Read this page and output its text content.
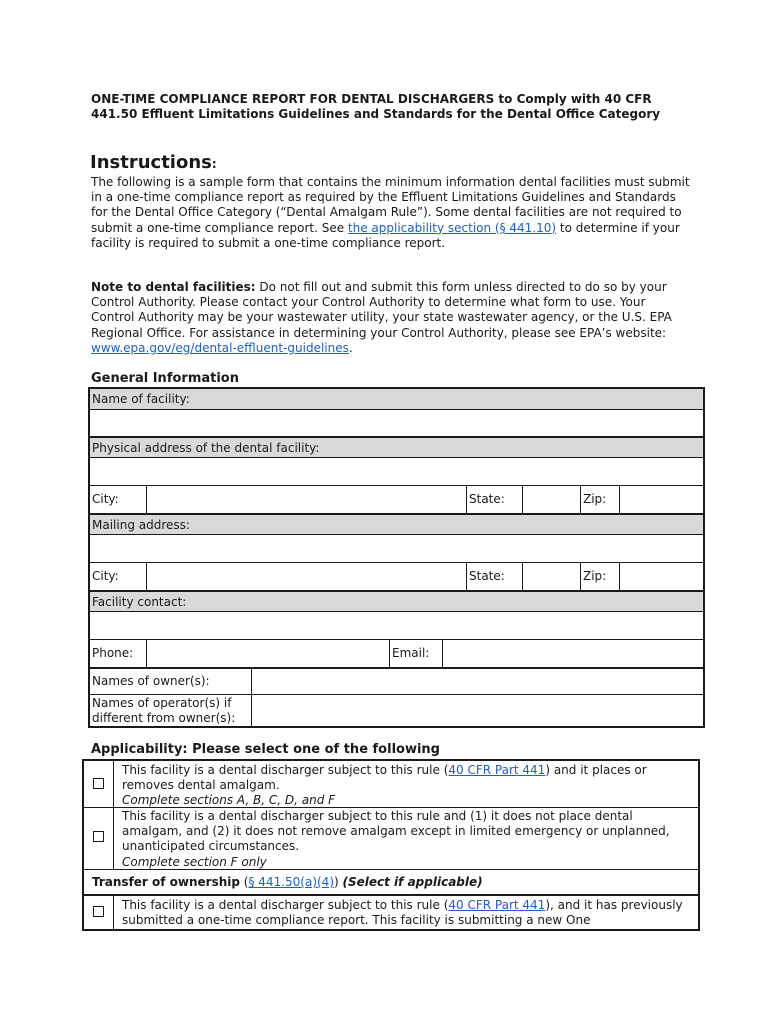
ONE-TIME COMPLIANCE REPORT FOR DENTAL DISCHARGERS to Comply with 40 CFR 441.50 Effluent Limitations Guidelines and Standards for the Dental Office Category
Instructions:
The following is a sample form that contains the minimum information dental facilities must submit in a one-time compliance report as required by the Effluent Limitations Guidelines and Standards for the Dental Office Category (“Dental Amalgam Rule”). Some dental facilities are not required to submit a one-time compliance report. See the applicability section (§ 441.10) to determine if your facility is required to submit a one-time compliance report.
Note to dental facilities: Do not fill out and submit this form unless directed to do so by your Control Authority. Please contact your Control Authority to determine what form to use. Your Control Authority may be your wastewater utility, your state wastewater agency, or the U.S. EPA Regional Office. For assistance in determining your Control Authority, please see EPA’s website: www.epa.gov/eg/dental-effluent-guidelines.
General Information
Name of facility:
Physical address of the dental facility:
City:	State:	Zip:
Mailing address:
City:	State:	Zip:
Facility contact:
Phone:	Email:
Names of owner(s):
Names of operator(s) if different from owner(s):
Applicability: Please select one of the following
This facility is a dental discharger subject to this rule (40 CFR Part 441) and it places or removes dental amalgam.
Complete sections A, B, C, D, and F
This facility is a dental discharger subject to this rule and (1) it does not place dental amalgam, and (2) it does not remove amalgam except in limited emergency or unplanned, unanticipated circumstances.
Complete section F only
Transfer of ownership (§ 441.50(a)(4)) (Select if applicable)
This facility is a dental discharger subject to this rule (40 CFR Part 441), and it has previously submitted a one-time compliance report. This facility is submitting a new One
